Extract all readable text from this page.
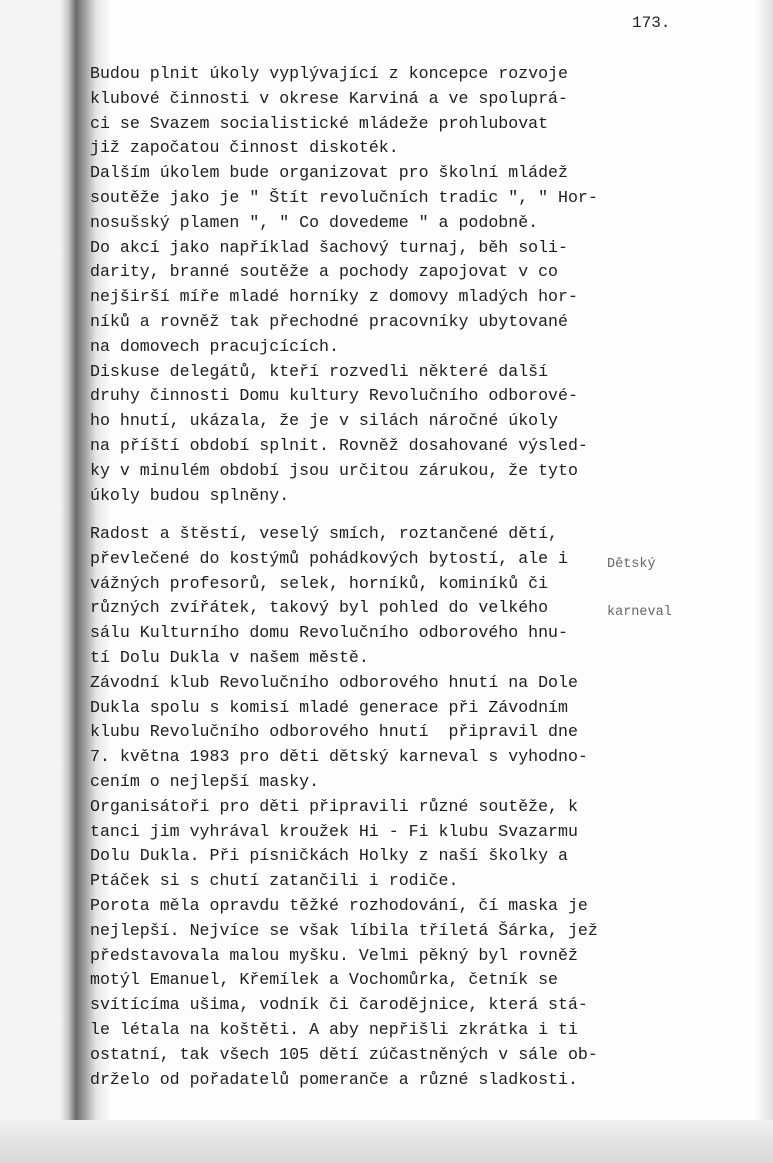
173.
Budou plnit úkoly vyplývající z koncepce rozvoje
klubové činnosti v okrese Karviná a ve spoluprá-
ci se Svazem socialistické mládeže prohlubovat
již započatou činnost diskoték.
Dalším úkolem bude organizovat pro školní mládež
soutěže jako je " Štít revolučních tradic ", " Hor-
nosušský plamen ", " Co dovedeme " a podobně.
Do akcí jako například šachový turnaj, běh soli-
darity, branné soutěže a pochody zapojovat v co
nejširší míře mladé horníky z domovy mladých hor-
níků a rovněž tak přechodné pracovníky ubytované
na domovech pracujcících.
Diskuse delegátů, kteří rozvedli některé další
druhy činnosti Domu kultury Revolučního odborové-
ho hnutí, ukázala, že je v silách náročné úkoly
na příští období splnit. Rovněž dosahované výsled-
ky v minulém období jsou určitou zárukou, že tyto
úkoly budou splněny.
Radost a štěstí, veselý smích, roztančené dětí,
převlečené do kostýmů pohádkových bytostí, ale i
vážných profesorů, selek, horníků, kominíků či
různých zvířátek, takový byl pohled do velkého
sálu Kulturního domu Revolučního odborového hnu-
tí Dolu Dukla v našem městě.
Závodní klub Revolučního odborového hnutí na Dole
Dukla spolu s komisí mladé generace při Závodním
klubu Revolučního odborového hnutí  připravil dne
7. května 1983 pro děti dětský karneval s vyhodno-
cením o nejlepší masky.
Organisátoři pro děti připravili různé soutěže, k
tanci jim vyhrával kroužek Hi - Fi klubu Svazarmu
Dolu Dukla. Při písničkách Holky z naší školky a
Ptáček si s chutí zatančili i rodiče.
Porota měla opravdu těžké rozhodování, čí maska je
nejlepší. Nejvíce se však líbila tříletá Šárka, jež
představovala malou myšku. Velmi pěkný byl rovněž
motýl Emanuel, Křemílek a Vochomůrka, četník se
svítícíma ušima, vodník či čarodějnice, která stá-
le létala na koštěti. A aby nepřišli zkrátka i ti
ostatní, tak všech 105 dětí zúčastněných v sále ob-
drželo od pořadatelů pomeranče a různé sladkosti.

Dětský

karneval
